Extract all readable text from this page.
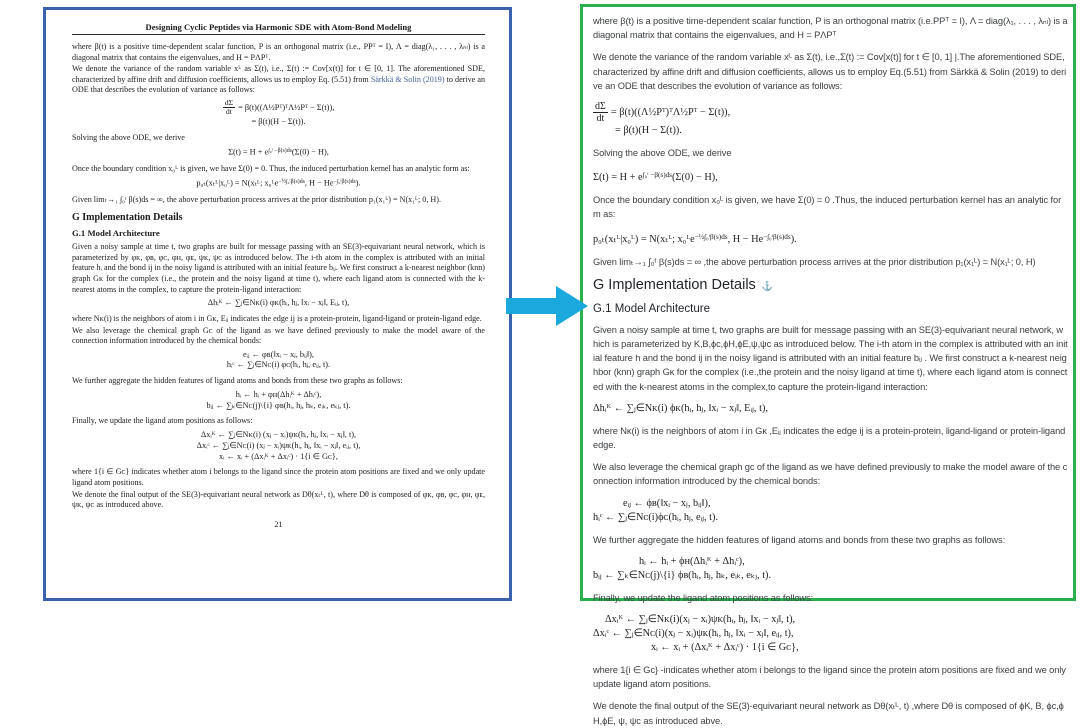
Designing Cyclic Peptides via Harmonic SDE with Atom-Bond Modeling

where β(t) is a positive time-dependent scalar function, P is an orthogonal matrix (i.e., PPᵀ = I), Λ = diag(λ₁, . . . , λₙₗ) is a diagonal matrix that contains the eigenvalues, and H = PΛPᵀ.

We denote the variance of the random variable xᴸ as Σ(t), i.e., Σ(t) := Cov[x(t)] for t ∈ [0, 1]. The aforementioned SDE, characterized by affine drift and diffusion coefficients, allows us to employ Eq. (5.51) from Särkkä & Solin (2019) to derive an ODE that describes the evolution of variance as follows:

$\frac{d\Sigma}{dt}$ = β(t)((Λ½Pᵀ)ᵀΛ½Pᵀ − Σ(t)),
= β(t)(H − Σ(t)).

Solving the above ODE, we derive

$\Sigma(t) = H + e^{\int_0ᵗ -\beta(s)ds}(\Sigma(0) - H)$,

Once the boundary condition x₀ᴸ is given, we have Σ(0) = 0. Thus, the induced perturbation kernel has an analytic form as:

p₀ₜ(xₜᴸ|x₀ᴸ) = N(xₜᴸ; x₀ᴸe$^{-\frac{1}{2}\int_0ᵗ\beta(s)ds}$, $H - He^{-\int_0ᵗ\beta(s)ds}$).

Given limₜ→₁ ∫₀ᵗ β(s)ds = ∞, the above perturbation process arrives at the prior distribution p₁(x₁ᴸ) = N(x₁ᴸ; 0, H).

G Implementation Details
G.1 Model Architecture

Given a noisy sample at time t, two graphs are built for message passing with an SE(3)-equivariant neural network, which is parameterized by φᴋ, φʙ, φᴄ, φʜ, φᴇ, ψᴋ, ψᴄ as introduced below. The i-th atom in the complex is attributed with an initial feature hᵢ and the bond ij in the noisy ligand is attributed with an initial feature bᵢⱼ. We first construct a k-nearest neighbor (knn) graph Gᴋ for the complex (i.e., the protein and the noisy ligand at time t), where each ligand atom is connected with the k-nearest atoms in the complex, to capture the protein-ligand interaction:

Δhᵢᴷ ← ∑ⱼ∈Nᴋ(i) φᴋ(hᵢ, hⱼ, ‖xᵢ − xⱼ‖, Eᵢⱼ, t),

where Nᴋ(i) is the neighbors of atom i in Gᴋ, Eᵢⱼ indicates the edge ij is a protein-protein, ligand-ligand or protein-ligand edge.

We also leverage the chemical graph Gᴄ of the ligand as we have defined previously to make the model aware of the connection information introduced by the chemical bonds:

eᵢⱼ ← φʙ(‖xᵢ − xⱼ, bᵢⱼ‖),
hᵢᶜ ← ∑ⱼ∈Nᴄ(i) φᴄ(hᵢ, hⱼ, eᵢⱼ, t).

We further aggregate the hidden features of ligand atoms and bonds from these two graphs as follows:

hᵢ ← hᵢ + φʜ(Δhᵢᴷ + Δhᵢᶜ),
bᵢⱼ ← ∑ₖ∈Nᴄ(j)\{i} φʙ(hᵢ, hⱼ, hₖ, eᵢₖ, eₖⱼ, t).

Finally, we update the ligand atom positions as follows:

Δxᵢᴷ ← ∑ⱼ∈Nᴋ(i) (xⱼ − xᵢ)ψᴋ(hᵢ, hⱼ, ‖xᵢ − xⱼ‖, t),
Δxᵢᶜ ← ∑ⱼ∈Nᴄ(i) (xⱼ − xᵢ)ψᴋ(hᵢ, hⱼ, ‖xᵢ − xⱼ‖, eᵢⱼ, t),
xᵢ ← xᵢ + (Δxᵢᴷ + Δxᵢᶜ) · 1{i ∈ Gᴄ},

where 1{i ∈ Gᴄ} indicates whether atom i belongs to the ligand since the protein atom positions are fixed and we only update ligand atom positions.

We denote the final output of the SE(3)-equivariant neural network as Dθ(xₜᴸ, t), where Dθ is composed of φᴋ, φʙ, φᴄ, φʜ, φᴇ, ψᴋ, ψᴄ as introduced above.

21

where β(t) is a positive time-dependent scalar function, P is an orthogonal matrix (i.e.PPᵀ = I), Λ = diag(λ₁, . . . , λₙₗ) is a diagonal matrix that contains the eigenvalues, and H = PΛPᵀ

We denote the variance of the random variable xᴸ as Σ(t), i.e.,Σ(t) := Cov[x(t)] for t ∈ [0, 1] |.The aforementioned SDE,characterized by affine drift and diffusion coefficients, allows us to employ Eq.(5.51) from Särkkä & Solin (2019) to derive an ODE that describes the evolution of variance as follows:

$\frac{d\Sigma}{dt}$ = β(t)((Λ½Pᵀ)ᵀΛ½Pᵀ − Σ(t)),
= β(t)(H − Σ(t)).

Solving the above ODE, we derive

$\Sigma(t) = H + e^{\int_0ᵗ -\beta(s)ds}(\Sigma(0) - H)$,

Once the boundary condition x₀ᴸ is given, we have Σ(0) = 0 .Thus, the induced perturbation kernel has an analytic form as:

p₀ₜ(xₜᴸ|x₀ᴸ) = N(xₜᴸ; x₀ᴸe$^{-\frac{1}{2}\int_0ᵗ\beta(s)ds}$, $H - He^{-\int_0ᵗ\beta(s)ds}$).

Given limₜ→₁ ∫₀ᵗ β(s)ds = ∞ ,the above perturbation process arrives at the prior distribution p₁(x₁ᴸ) = N(x₁ᴸ; 0, H)

G Implementation Details ⚓
G.1 Model Architecture

Given a noisy sample at time t, two graphs are built for message passing with an SE(3)-equivariant neural network, which is parameterized by K,B,ϕc,ϕH,ϕE,ψ,ψc as introduced below. The i-th atom in the complex is attributed with an initial feature h and the bond ij in the noisy ligand is attributed with an initial feature bᵢⱼ . We first construct a k-nearest neighbor (knn) graph Gᴋ for the complex (i.e.,the protein and the noisy ligand at time t), where each ligand atom is connected with the k-nearest atoms in the complex,to capture the protein-ligand interaction:

Δhᵢᴷ ← ∑ⱼ∈Nᴋ(i) ϕᴋ(hᵢ, hⱼ, ‖xᵢ − xⱼ‖, Eᵢⱼ, t),

where Nᴋ(i) is the neighbors of atom i in Gᴋ ,Eᵢⱼ indicates the edge ij is a protein-protein, ligand-ligand or protein-ligand edge.

We also leverage the chemical graph gc of the ligand as we have defined previously to make the model aware of the connection information introduced by the chemical bonds:

eᵢⱼ ← ϕʙ(‖xᵢ − xⱼ, bᵢⱼ‖),
hᵢᶜ ← ∑ⱼ∈Nᴄ(i)ϕᴄ(hᵢ, hⱼ, eᵢⱼ, t).

We further aggregate the hidden features of ligand atoms and bonds from these two graphs as follows:

hᵢ ← hᵢ + ϕʜ(Δhᵢᴷ + Δhᵢᶜ),
bᵢⱼ ← ∑ₖ∈Nᴄ(j)\{i} ϕʙ(hᵢ, hⱼ, hₖ, eᵢₖ, eₖⱼ, t).

Finally, we update the ligand atom positions as follows:

Δxᵢᴷ ← ∑ⱼ∈Nᴋ(i)(xⱼ − xᵢ)ψᴋ(hᵢ, hⱼ, ‖xᵢ − xⱼ‖, t),
Δxᵢᶜ ← ∑ⱼ∈Nᴄ(i)(xⱼ − xᵢ)ψᴋ(hᵢ, hⱼ, ‖xᵢ − xⱼ‖, eᵢⱼ, t),
xᵢ ← xᵢ + (Δxᵢᴷ + Δxᵢᶜ) · 1{i ∈ Gᴄ},

where 1{i ∈ Gᴄ} -indicates whether atom i belongs to the ligand since the protein atom positions are fixed and we only update ligand atom positions.

We denote the final output of the SE(3)-equivariant neural network as Dθ(xₜᴸ, t) ,where Dθ is composed of ϕK, B, ϕc,ϕH,ϕE, ψ, ψc as introduced abve.
